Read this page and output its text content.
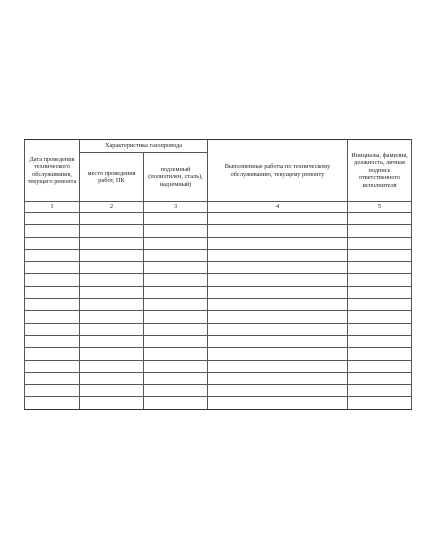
Дата проведения технического обслуживания, текущего ремонта	Характеристика газопровода		Выполненные работы по техническому обслуживанию, текущему ремонту	Инициалы, фамилия, должность, личная подпись ответственного исполнителя
	место проведения работ, ПК	подземный (полиэтилен, сталь), надземный)		
1	2	3	4	5
